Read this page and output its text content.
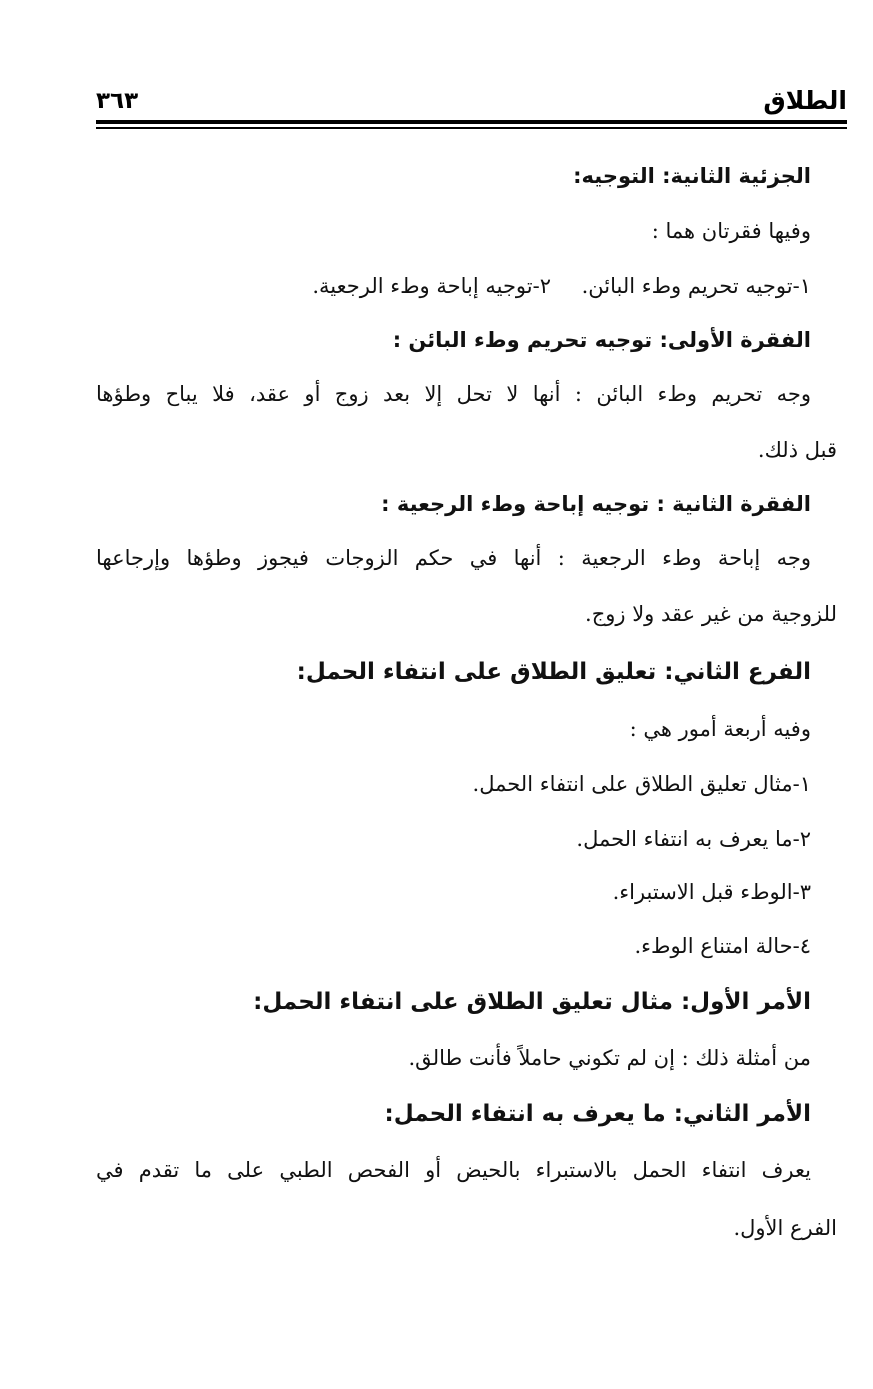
الطلاق
٣٦٣
الجزئية الثانية: التوجيه:
وفيها فقرتان هما :
١-توجيه تحريم وطء البائن.
٢-توجيه إباحة وطء الرجعية.
الفقرة الأولى: توجيه تحريم وطء البائن :
وجه تحريم وطء البائن : أنها لا تحل إلا بعد زوج أو عقد، فلا يباح وطؤها
قبل ذلك.
الفقرة الثانية : توجيه إباحة وطء الرجعية :
وجه إباحة وطء الرجعية : أنها في حكم الزوجات فيجوز وطؤها وإرجاعها
للزوجية من غير عقد ولا زوج.
الفرع الثاني: تعليق الطلاق على انتفاء الحمل:
وفيه أربعة أمور هي :
١-مثال تعليق الطلاق على انتفاء الحمل.
٢-ما يعرف به انتفاء الحمل.
٣-الوطء قبل الاستبراء.
٤-حالة امتناع الوطء.
الأمر الأول: مثال تعليق الطلاق على انتفاء الحمل:
من أمثلة ذلك : إن لم تكوني حاملاً فأنت طالق.
الأمر الثاني: ما يعرف به انتفاء الحمل:
يعرف انتفاء الحمل بالاستبراء بالحيض أو الفحص الطبي على ما تقدم في
الفرع الأول.
